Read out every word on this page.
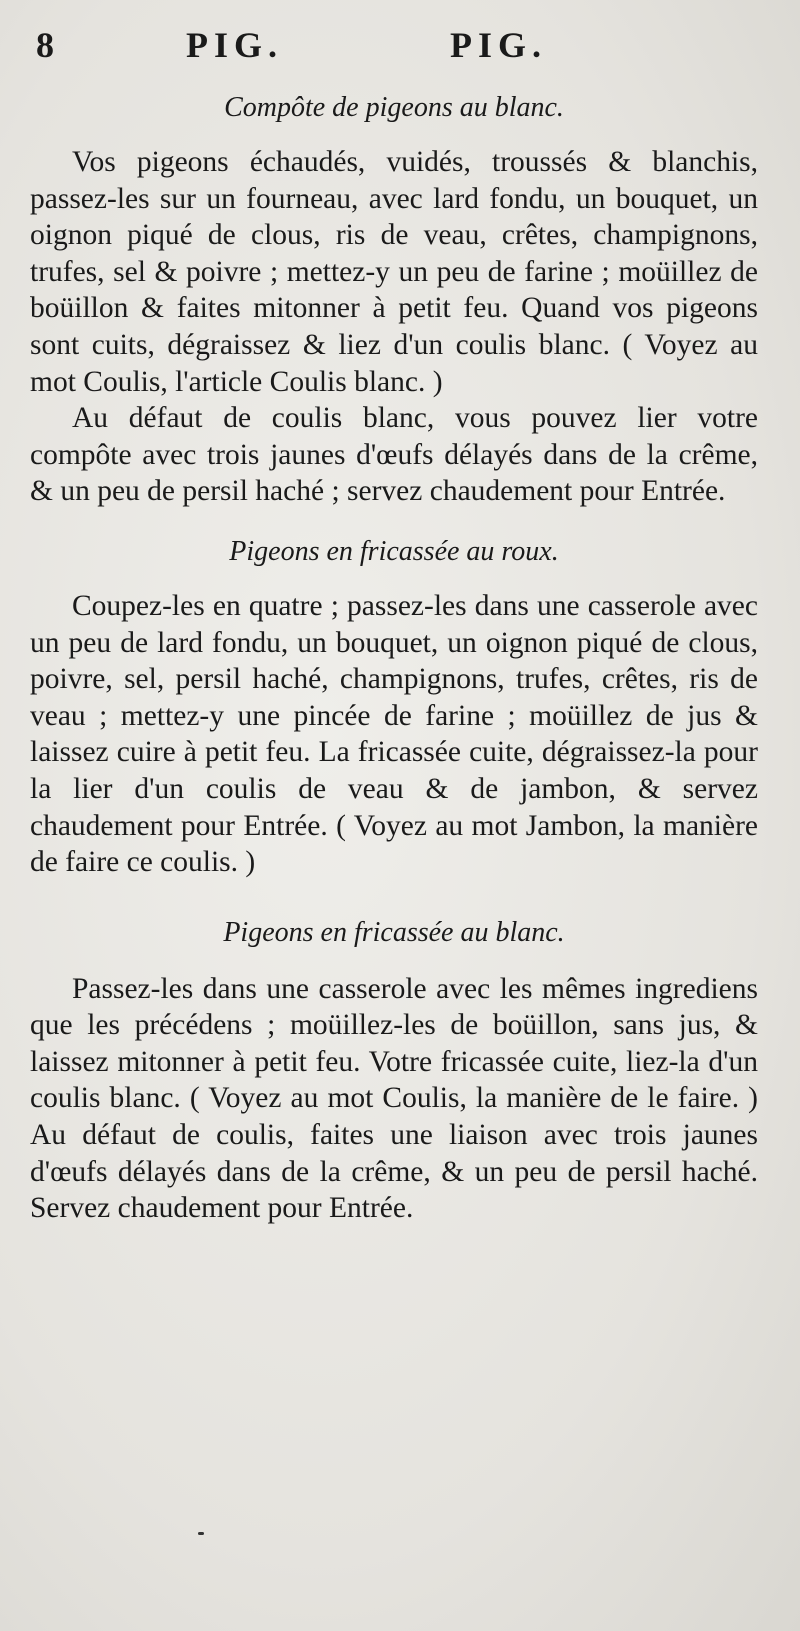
8	PIG.	PIG.
Compôte de pigeons au blanc.

Vos pigeons échaudés, vuidés, troussés & blanchis, passez-les sur un fourneau, avec lard fondu, un bouquet, un oignon piqué de clous, ris de veau, crêtes, champignons, trufes, sel & poivre ; mettez-y un peu de farine ; moüillez de boüillon & faites mitonner à petit feu. Quand vos pigeons sont cuits, dégraissez & liez d'un coulis blanc. ( Voyez au mot Coulis, l'article Coulis blanc. )

Au défaut de coulis blanc, vous pouvez lier votre compôte avec trois jaunes d'œufs délayés dans de la crême, & un peu de persil haché ; servez chaudement pour Entrée.

Pigeons en fricassée au roux.

Coupez-les en quatre ; passez-les dans une casserole avec un peu de lard fondu, un bouquet, un oignon piqué de clous, poivre, sel, persil haché, champignons, trufes, crêtes, ris de veau ; mettez-y une pincée de farine ; moüillez de jus & laissez cuire à petit feu. La fricassée cuite, dégraissez-la pour la lier d'un coulis de veau & de jambon, & servez chaudement pour Entrée. ( Voyez au mot Jambon, la manière de faire ce coulis. )

Pigeons en fricassée au blanc.

Passez-les dans une casserole avec les mêmes ingrediens que les précédens ; moüillez-les de boüillon, sans jus, & laissez mitonner à petit feu. Votre fricassée cuite, liez-la d'un coulis blanc. ( Voyez au mot Coulis, la manière de le faire. ) Au défaut de coulis, faites une liaison avec trois jaunes d'œufs délayés dans de la crême, & un peu de persil haché. Servez chaudement pour Entrée.
